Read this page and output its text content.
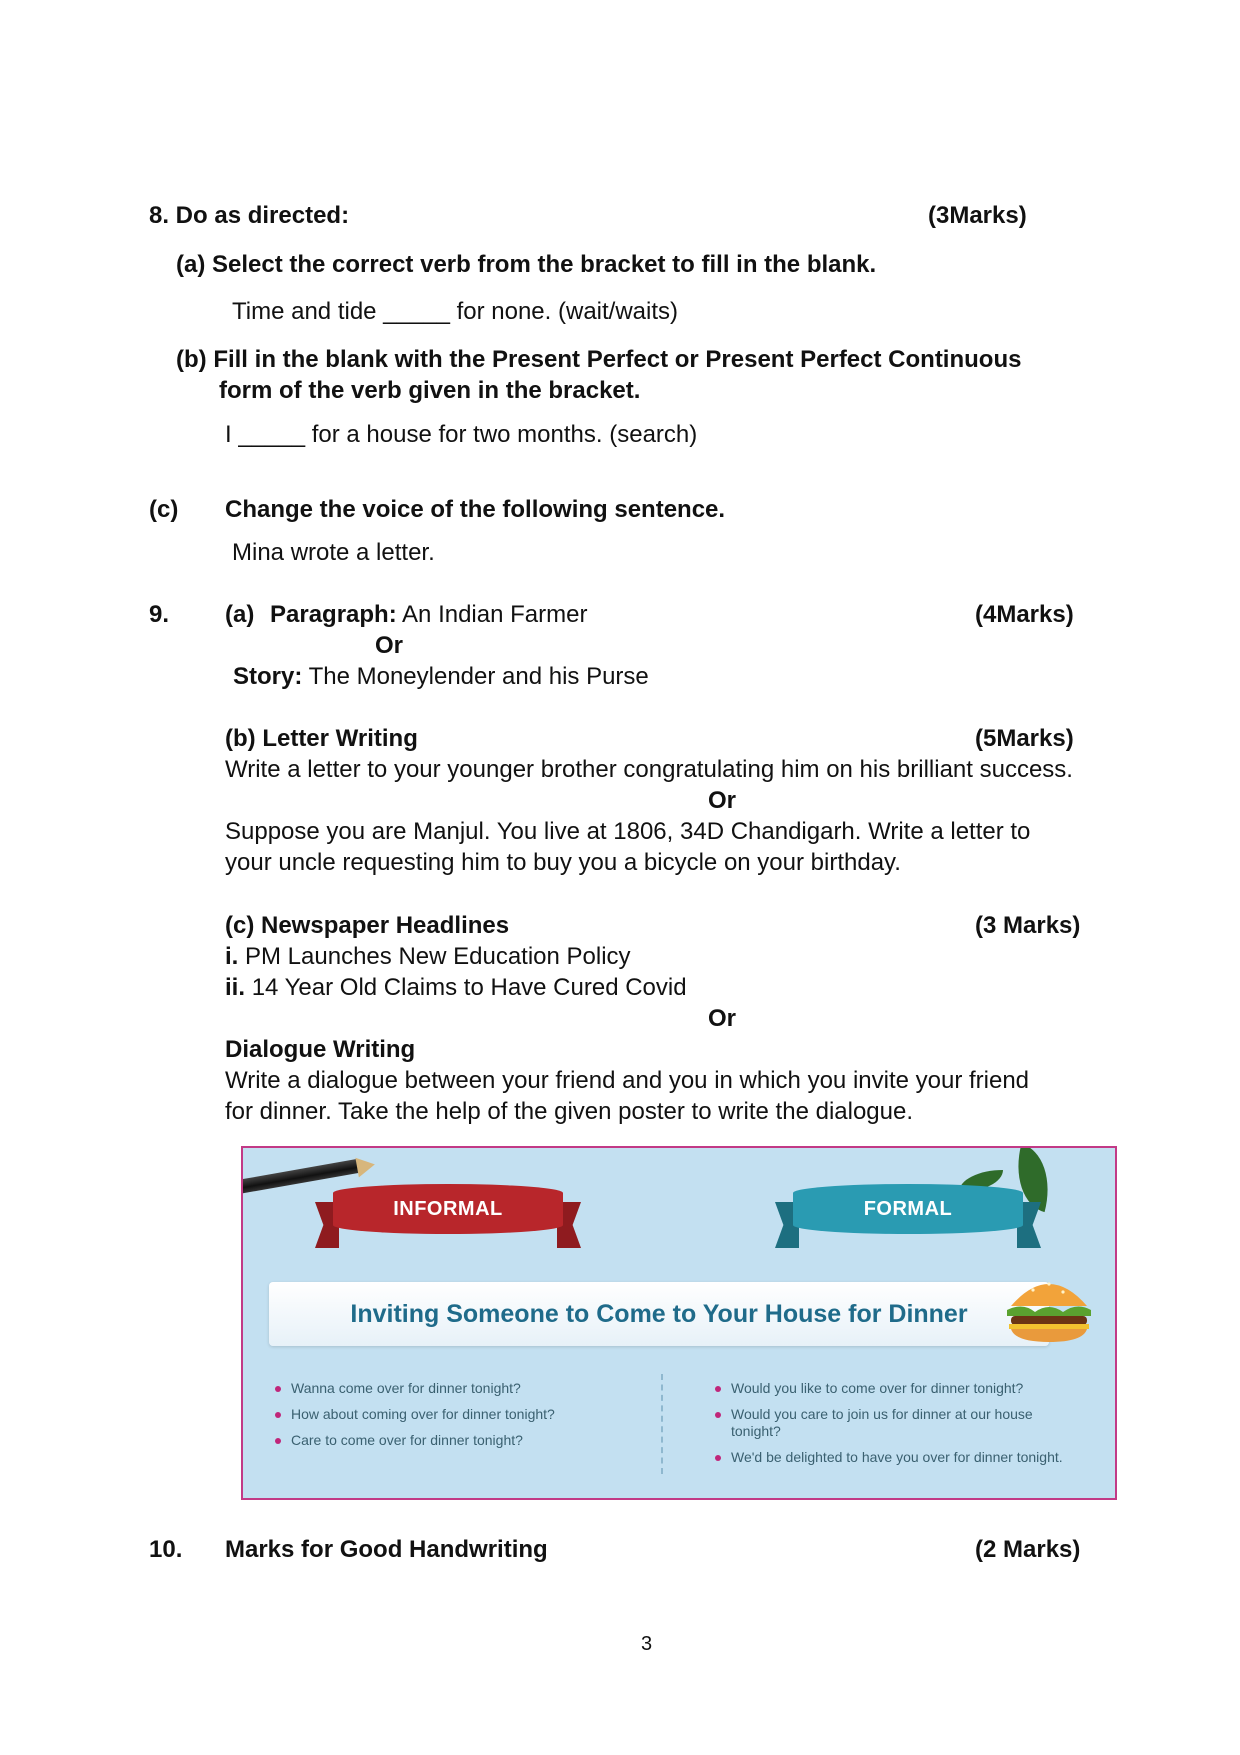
8. Do as directed:	(3Marks)
(a) Select the correct verb from the bracket to fill in the blank.
Time and tide _____ for none. (wait/waits)
(b) Fill in the blank with the Present Perfect or Present Perfect Continuous
form of the verb given in the bracket.
I _____ for a house for two months. (search)
(c) Change the voice of the following sentence.
Mina wrote a letter.
9. (a) Paragraph: An Indian Farmer	(4Marks)
Or
Story: The Moneylender and his Purse
(b) Letter Writing	(5Marks)
Write a letter to your younger brother congratulating him on his brilliant success.
Or
Suppose you are Manjul. You live at 1806, 34D Chandigarh. Write a letter to
your uncle requesting him to buy you a bicycle on your birthday.
(c) Newspaper Headlines	(3 Marks)
i. PM Launches New Education Policy
ii. 14 Year Old Claims to Have Cured Covid
Or
Dialogue Writing
Write a dialogue between your friend and you in which you invite your friend
for dinner. Take the help of the given poster to write the dialogue.
INFORMAL	FORMAL
Inviting Someone to Come to Your House for Dinner
Wanna come over for dinner tonight?
How about coming over for dinner tonight?
Care to come over for dinner tonight?
Would you like to come over for dinner tonight?
Would you care to join us for dinner at our house tonight?
We'd be delighted to have you over for dinner tonight.
10. Marks for Good Handwriting	(2 Marks)
3
